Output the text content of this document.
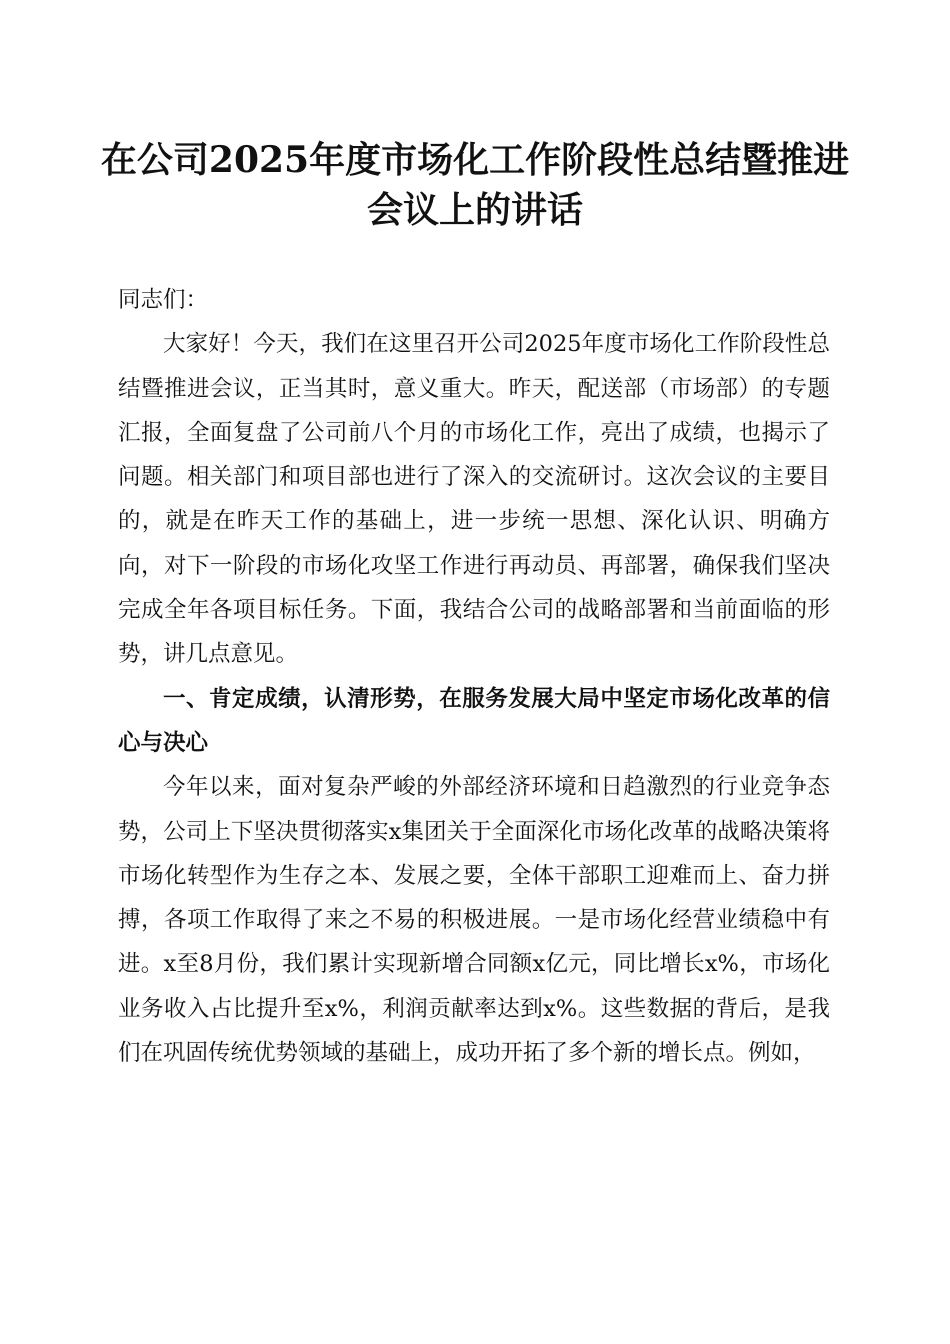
在公司2025年度市场化工作阶段性总结暨推进会议上的讲话

同志们：

大家好！今天，我们在这里召开公司2025年度市场化工作阶段性总结暨推进会议，正当其时，意义重大。昨天，配送部（市场部）的专题汇报，全面复盘了公司前八个月的市场化工作，亮出了成绩，也揭示了问题。相关部门和项目部也进行了深入的交流研讨。这次会议的主要目的，就是在昨天工作的基础上，进一步统一思想、深化认识、明确方向，对下一阶段的市场化攻坚工作进行再动员、再部署，确保我们坚决完成全年各项目标任务。下面，我结合公司的战略部署和当前面临的形势，讲几点意见。

一、肯定成绩，认清形势，在服务发展大局中坚定市场化改革的信心与决心

今年以来，面对复杂严峻的外部经济环境和日趋激烈的行业竞争态势，公司上下坚决贯彻落实x集团关于全面深化市场化改革的战略决策将市场化转型作为生存之本、发展之要，全体干部职工迎难而上、奋力拼搏，各项工作取得了来之不易的积极进展。一是市场化经营业绩稳中有进。x至8月份，我们累计实现新增合同额x亿元，同比增长x%，市场化业务收入占比提升至x%，利润贡献率达到x%。这些数据的背后，是我们在巩固传统优势领域的基础上，成功开拓了多个新的增长点。例如，
